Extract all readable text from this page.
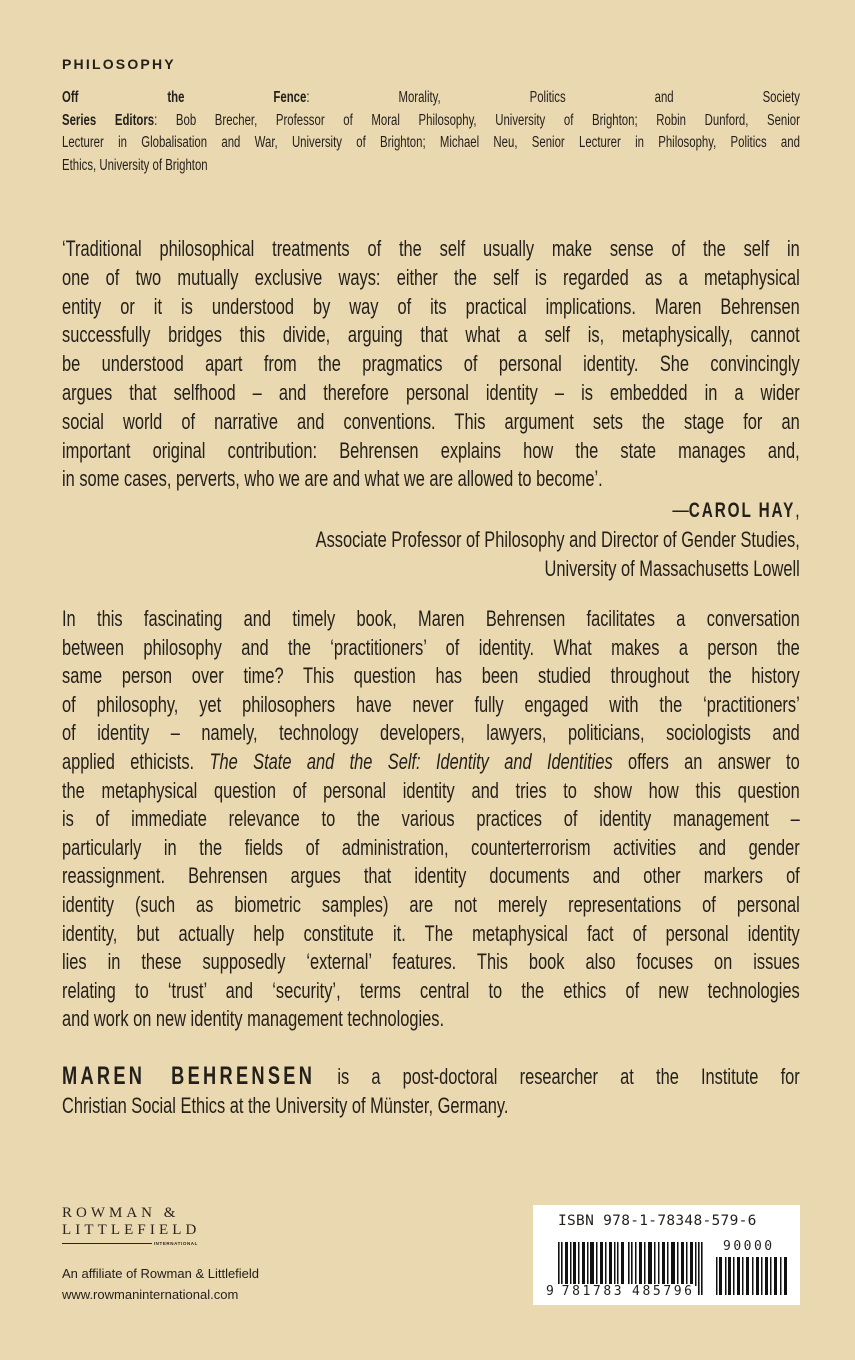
PHILOSOPHY
Off the Fence: Morality, Politics and Society
Series Editors: Bob Brecher, Professor of Moral Philosophy, University of Brighton; Robin Dunford, Senior
Lecturer in Globalisation and War, University of Brighton; Michael Neu, Senior Lecturer in Philosophy, Politics and
Ethics, University of Brighton
‘Traditional philosophical treatments of the self usually make sense of the self in
one of two mutually exclusive ways: either the self is regarded as a metaphysical
entity or it is understood by way of its practical implications. Maren Behrensen
successfully bridges this divide, arguing that what a self is, metaphysically, cannot
be understood apart from the pragmatics of personal identity. She convincingly
argues that selfhood – and therefore personal identity – is embedded in a wider
social world of narrative and conventions. This argument sets the stage for an
important original contribution: Behrensen explains how the state manages and,
in some cases, perverts, who we are and what we are allowed to become’.
—CAROL HAY,
Associate Professor of Philosophy and Director of Gender Studies,
University of Massachusetts Lowell
In this fascinating and timely book, Maren Behrensen facilitates a conversation
between philosophy and the ‘practitioners’ of identity. What makes a person the
same person over time? This question has been studied throughout the history
of philosophy, yet philosophers have never fully engaged with the ‘practitioners’
of identity – namely, technology developers, lawyers, politicians, sociologists and
applied ethicists. The State and the Self: Identity and Identities offers an answer to
the metaphysical question of personal identity and tries to show how this question
is of immediate relevance to the various practices of identity management –
particularly in the fields of administration, counterterrorism activities and gender
reassignment. Behrensen argues that identity documents and other markers of
identity (such as biometric samples) are not merely representations of personal
identity, but actually help constitute it. The metaphysical fact of personal identity
lies in these supposedly ‘external’ features. This book also focuses on issues
relating to ‘trust’ and ‘security’, terms central to the ethics of new technologies
and work on new identity management technologies.
MAREN BEHRENSEN is a post-doctoral researcher at the Institute for
Christian Social Ethics at the University of Münster, Germany.
ROWMAN &
LITTLEFIELD
INTERNATIONAL
An affiliate of Rowman & Littlefield
www.rowmaninternational.com
ISBN 978-1-78348-579-6
90000
9 781783 485796
